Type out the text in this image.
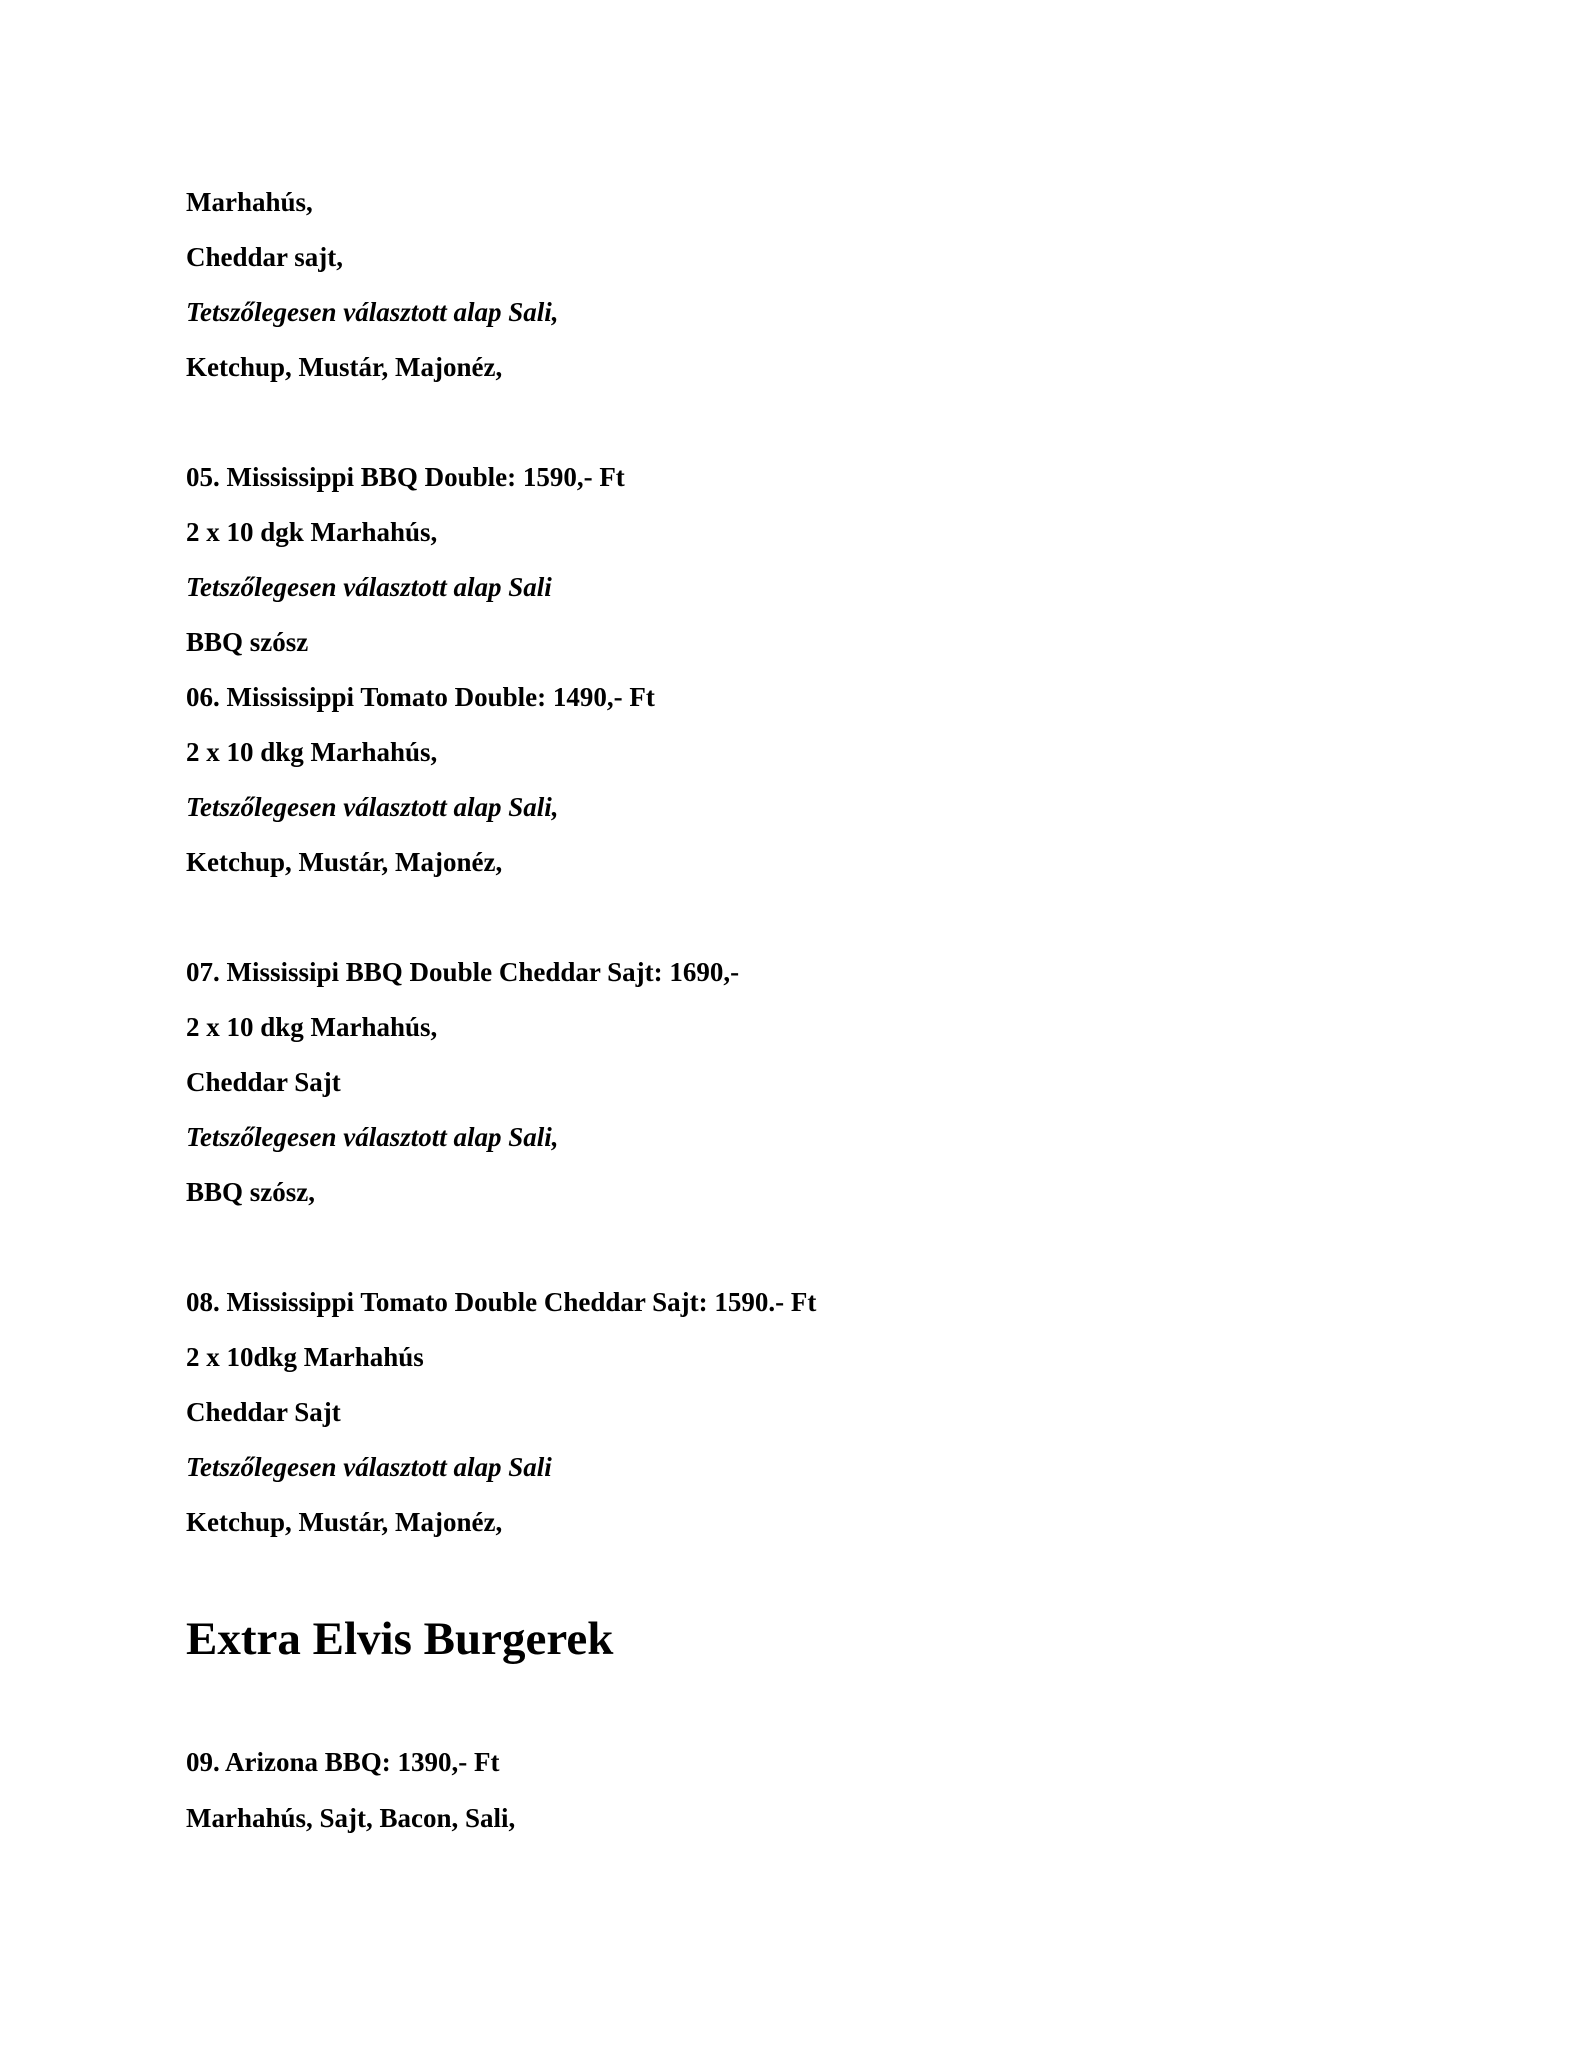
Marhahús,

Cheddar sajt,

Tetszőlegesen választott alap Sali,

Ketchup, Mustár, Majonéz,

05. Mississippi BBQ Double: 1590,- Ft

2 x 10 dgk Marhahús,

Tetszőlegesen választott alap Sali

BBQ szósz

06. Mississippi Tomato Double: 1490,- Ft

2 x 10 dkg Marhahús,

Tetszőlegesen választott alap Sali,

Ketchup, Mustár, Majonéz,

07. Mississipi BBQ Double Cheddar Sajt: 1690,-

2 x 10 dkg Marhahús,

Cheddar Sajt

Tetszőlegesen választott alap Sali,

BBQ szósz,

08. Mississippi Tomato Double Cheddar Sajt: 1590.- Ft

2 x 10dkg Marhahús

Cheddar Sajt

Tetszőlegesen választott alap Sali

Ketchup, Mustár, Majonéz,

Extra Elvis Burgerek

09. Arizona BBQ: 1390,- Ft

Marhahús, Sajt, Bacon, Sali,
